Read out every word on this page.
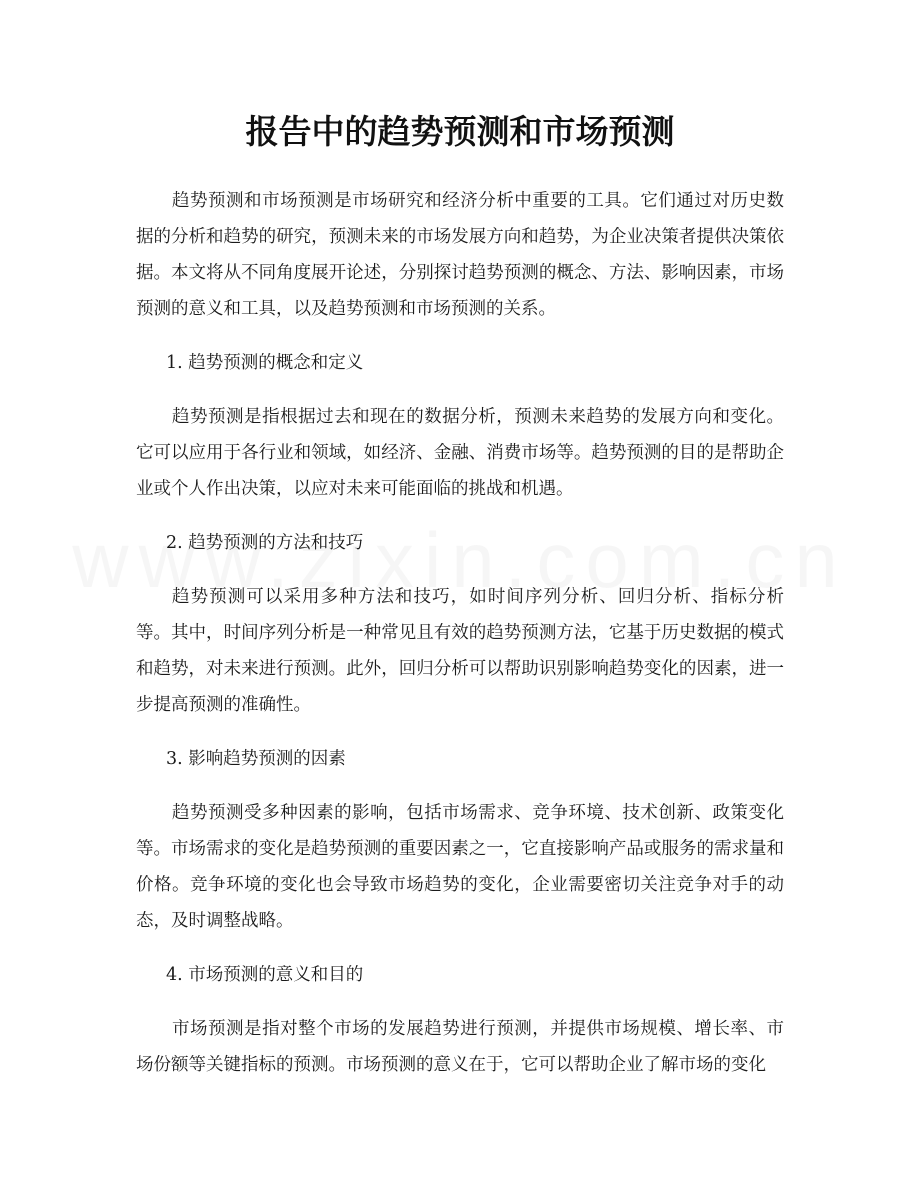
报告中的趋势预测和市场预测

趋势预测和市场预测是市场研究和经济分析中重要的工具。它们通过对历史数据的分析和趋势的研究，预测未来的市场发展方向和趋势，为企业决策者提供决策依据。本文将从不同角度展开论述，分别探讨趋势预测的概念、方法、影响因素，市场预测的意义和工具，以及趋势预测和市场预测的关系。

1. 趋势预测的概念和定义

趋势预测是指根据过去和现在的数据分析，预测未来趋势的发展方向和变化。它可以应用于各行业和领域，如经济、金融、消费市场等。趋势预测的目的是帮助企业或个人作出决策，以应对未来可能面临的挑战和机遇。

2. 趋势预测的方法和技巧

趋势预测可以采用多种方法和技巧，如时间序列分析、回归分析、指标分析等。其中，时间序列分析是一种常见且有效的趋势预测方法，它基于历史数据的模式和趋势，对未来进行预测。此外，回归分析可以帮助识别影响趋势变化的因素，进一步提高预测的准确性。

3. 影响趋势预测的因素

趋势预测受多种因素的影响，包括市场需求、竞争环境、技术创新、政策变化等。市场需求的变化是趋势预测的重要因素之一，它直接影响产品或服务的需求量和价格。竞争环境的变化也会导致市场趋势的变化，企业需要密切关注竞争对手的动态，及时调整战略。

4. 市场预测的意义和目的

市场预测是指对整个市场的发展趋势进行预测，并提供市场规模、增长率、市场份额等关键指标的预测。市场预测的意义在于，它可以帮助企业了解市场的变化
